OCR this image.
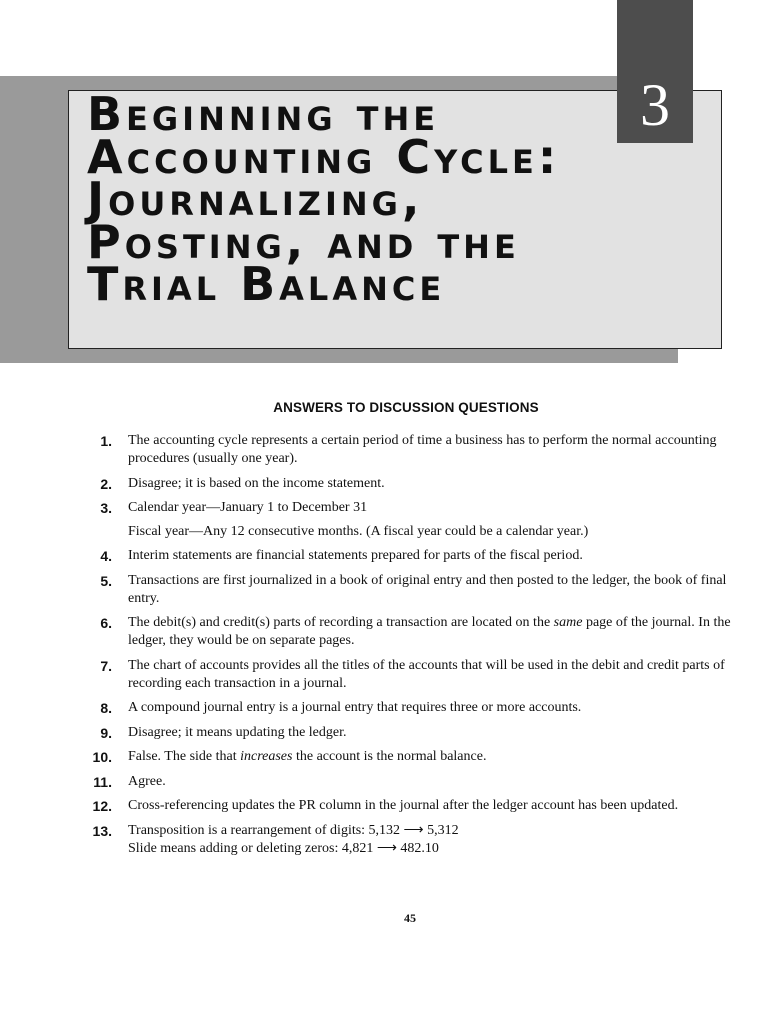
3
Beginning the Accounting Cycle: Journalizing, Posting, and the Trial Balance
ANSWERS TO DISCUSSION QUESTIONS
1. The accounting cycle represents a certain period of time a business has to perform the normal accounting procedures (usually one year).
2. Disagree; it is based on the income statement.
3. Calendar year—January 1 to December 31
Fiscal year—Any 12 consecutive months. (A fiscal year could be a calendar year.)
4. Interim statements are financial statements prepared for parts of the fiscal period.
5. Transactions are first journalized in a book of original entry and then posted to the ledger, the book of final entry.
6. The debit(s) and credit(s) parts of recording a transaction are located on the same page of the journal. In the ledger, they would be on separate pages.
7. The chart of accounts provides all the titles of the accounts that will be used in the debit and credit parts of recording each transaction in a journal.
8. A compound journal entry is a journal entry that requires three or more accounts.
9. Disagree; it means updating the ledger.
10. False. The side that increases the account is the normal balance.
11. Agree.
12. Cross-referencing updates the PR column in the journal after the ledger account has been updated.
13. Transposition is a rearrangement of digits: 5,132 ⟶ 5,312
Slide means adding or deleting zeros: 4,821 ⟶ 482.10
45
